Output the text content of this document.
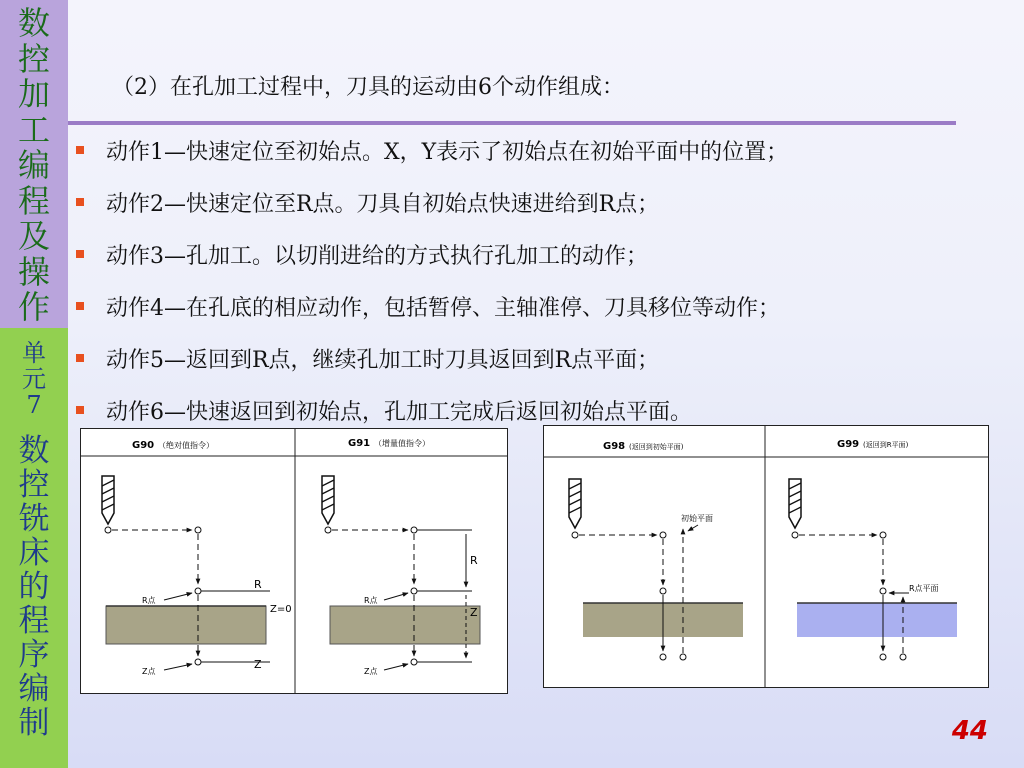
数
控
加
工
编
程
及
操
作
单
元
7
数
控
铣
床
的
程
序
编
制
（2）在孔加工过程中，刀具的运动由6个动作组成：
动作1—快速定位至初始点。X，Y表示了初始点在初始平面中的位置；
动作2—快速定位至R点。刀具自初始点快速进给到R点；
动作3—孔加工。以切削进给的方式执行孔加工的动作；
动作4—在孔底的相应动作，包括暂停、主轴准停、刀具移位等动作；
动作5—返回到R点，继续孔加工时刀具返回到R点平面；
动作6—快速返回到初始点，孔加工完成后返回初始点平面。
G90 （绝对值指令）	G91 （增量值指令）
R
R点
Z=0
Z
Z点
R
R点
Z
Z点
G98 (返回到初始平面)	G99 (返回到R平面)
初始平面
R点平面
44
